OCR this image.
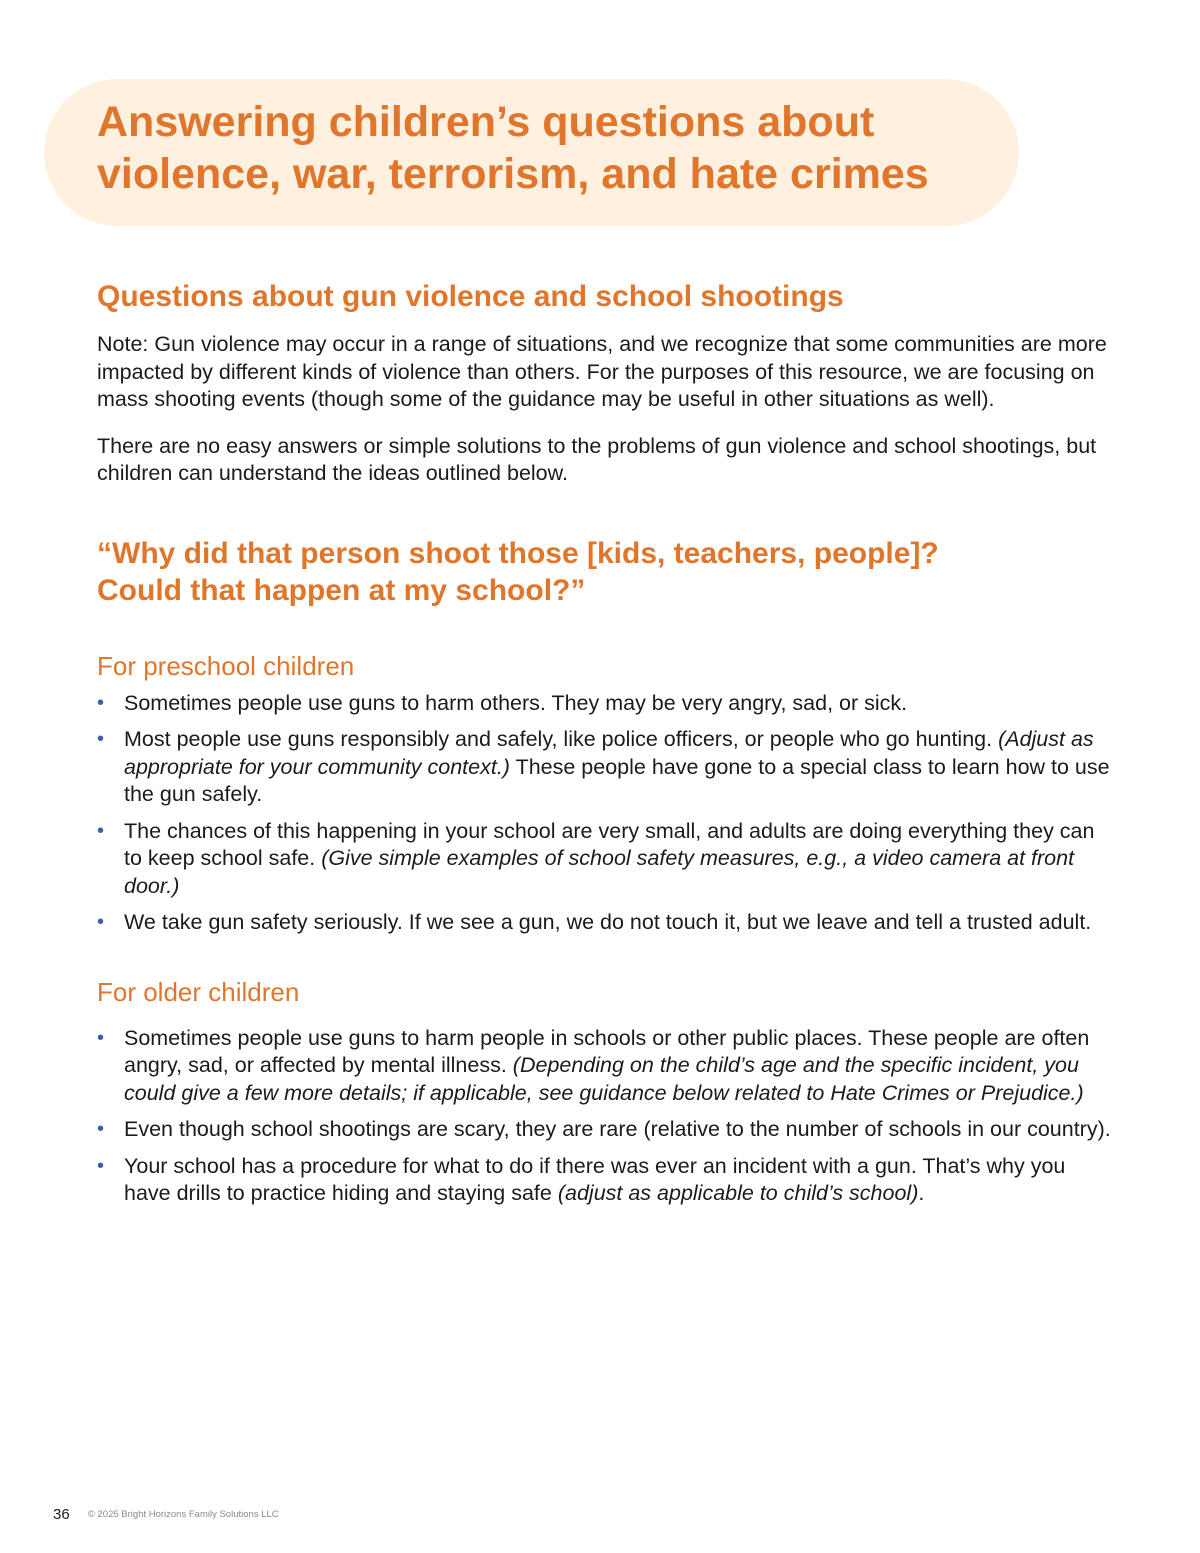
Answering children’s questions about
violence, war, terrorism, and hate crimes
Questions about gun violence and school shootings

Note: Gun violence may occur in a range of situations, and we recognize that some communities are more impacted by different kinds of violence than others. For the purposes of this resource, we are focusing on mass shooting events (though some of the guidance may be useful in other situations as well).

There are no easy answers or simple solutions to the problems of gun violence and school shootings, but children can understand the ideas outlined below.

“Why did that person shoot those [kids, teachers, people]?
Could that happen at my school?”
For preschool children
• Sometimes people use guns to harm others. They may be very angry, sad, or sick.
• Most people use guns responsibly and safely, like police officers, or people who go hunting. (Adjust as appropriate for your community context.) These people have gone to a special class to learn how to use the gun safely.
• The chances of this happening in your school are very small, and adults are doing everything they can to keep school safe. (Give simple examples of school safety measures, e.g., a video camera at front door.)
• We take gun safety seriously. If we see a gun, we do not touch it, but we leave and tell a trusted adult.
For older children
• Sometimes people use guns to harm people in schools or other public places. These people are often angry, sad, or affected by mental illness. (Depending on the child’s age and the specific incident, you could give a few more details; if applicable, see guidance below related to Hate Crimes or Prejudice.)
• Even though school shootings are scary, they are rare (relative to the number of schools in our country).
• Your school has a procedure for what to do if there was ever an incident with a gun. That’s why you have drills to practice hiding and staying safe (adjust as applicable to child’s school).
36 © 2025 Bright Horizons Family Solutions LLC
